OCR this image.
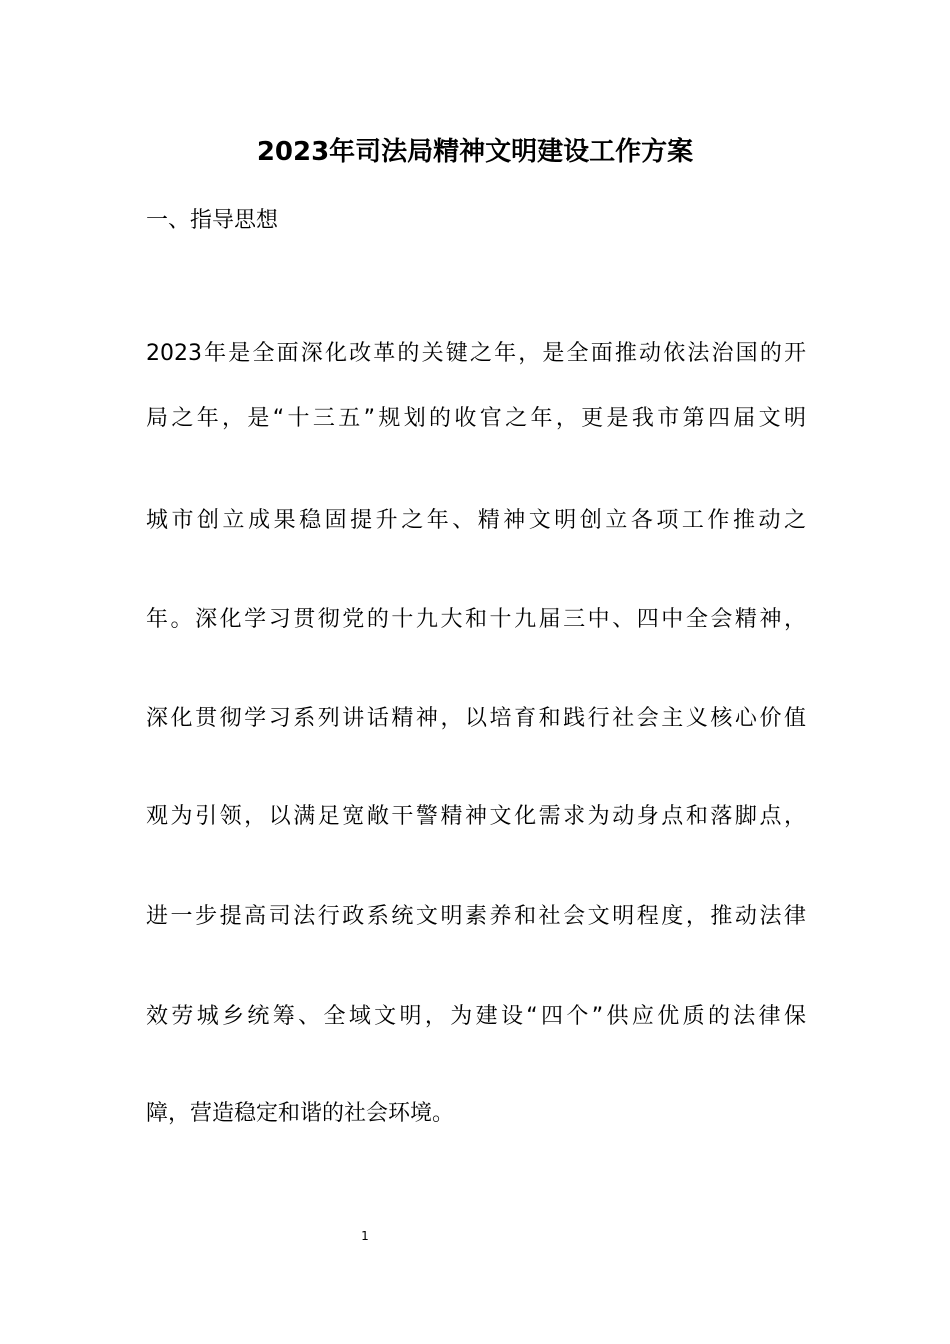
2023年司法局精神文明建设工作方案
一、指导思想
2023年是全面深化改革的关键之年，是全面推动依法治国的开
局之年，是“十三五”规划的收官之年，更是我市第四届文明
城市创立成果稳固提升之年、精神文明创立各项工作推动之
年。深化学习贯彻党的十九大和十九届三中、四中全会精神，
深化贯彻学习系列讲话精神，以培育和践行社会主义核心价值
观为引领，以满足宽敞干警精神文化需求为动身点和落脚点，
进一步提高司法行政系统文明素养和社会文明程度，推动法律
效劳城乡统筹、全域文明，为建设“四个”供应优质的法律保
障，营造稳定和谐的社会环境。
1
